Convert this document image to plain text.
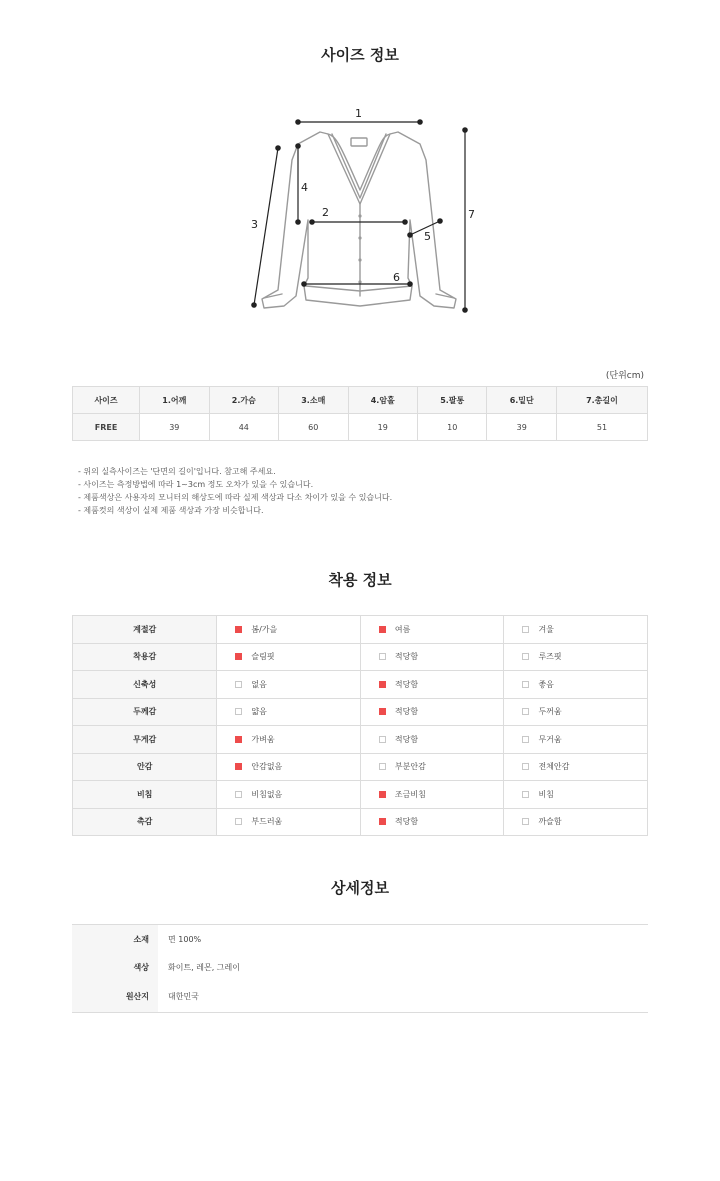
사이즈 정보
1
2
3
4
5
6
7
(단위cm)
사이즈	1.어깨	2.가슴	3.소매	4.암홀	5.팔통	6.밑단	7.총길이
FREE	39	44	60	19	10	39	51
- 위의 실측사이즈는 '단면의 길이'입니다. 참고해 주세요.
- 사이즈는 측정방법에 따라 1~3cm 정도 오차가 있을 수 있습니다.
- 제품색상은 사용자의 모니터의 해상도에 따라 실제 색상과 다소 차이가 있을 수 있습니다.
- 제품컷의 색상이 실제 제품 색상과 가장 비슷합니다.
착용 정보
계절감	봄/가을	여름	겨울

착용감	슬림핏	적당함	루즈핏

신축성	없음	적당함	좋음

두께감	얇음	적당함	두꺼움

무게감	가벼움	적당함	무거움

안감	안감없음	부분안감	전체안감

비침	비침없음	조금비침	비침

촉감	부드러움	적당함	까슬함
상세정보
소재 면 100%
색상 화이트, 레몬, 그레이
원산지 대한민국
